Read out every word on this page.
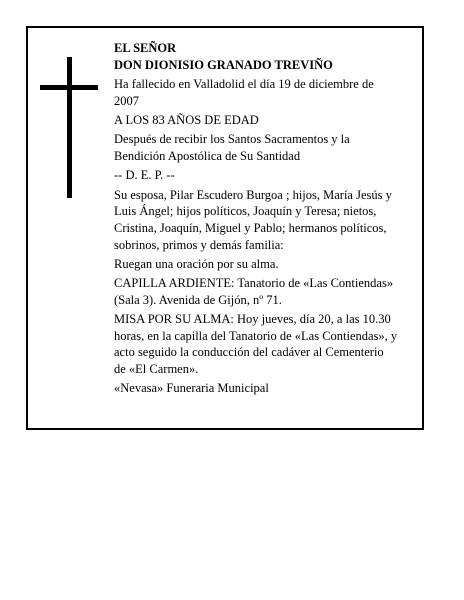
EL SEÑOR

DON DIONISIO GRANADO TREVIÑO

Ha fallecido en Valladolid el día 19 de diciembre de
2007

A LOS 83 AÑOS DE EDAD

Después de recibir los Santos Sacramentos y la
Bendición Apostólica de Su Santidad

-- D. E. P. --

Su esposa, Pilar Escudero Burgoa ; hijos, María Jesús y
Luis Ángel; hijos políticos, Joaquín y Teresa; nietos,
Cristina, Joaquín, Miguel y Pablo; hermanos políticos,
sobrinos, primos y demás familia:

Ruegan una oración por su alma.

CAPILLA ARDIENTE: Tanatorio de «Las Contiendas»
(Sala 3). Avenida de Gijón, nº 71.

MISA POR SU ALMA: Hoy jueves, día 20, a las 10.30
horas, en la capilla del Tanatorio de «Las Contiendas», y
acto seguido la conducción del cadáver al Cementerio
de «El Carmen».

«Nevasa» Funeraria Municipal
